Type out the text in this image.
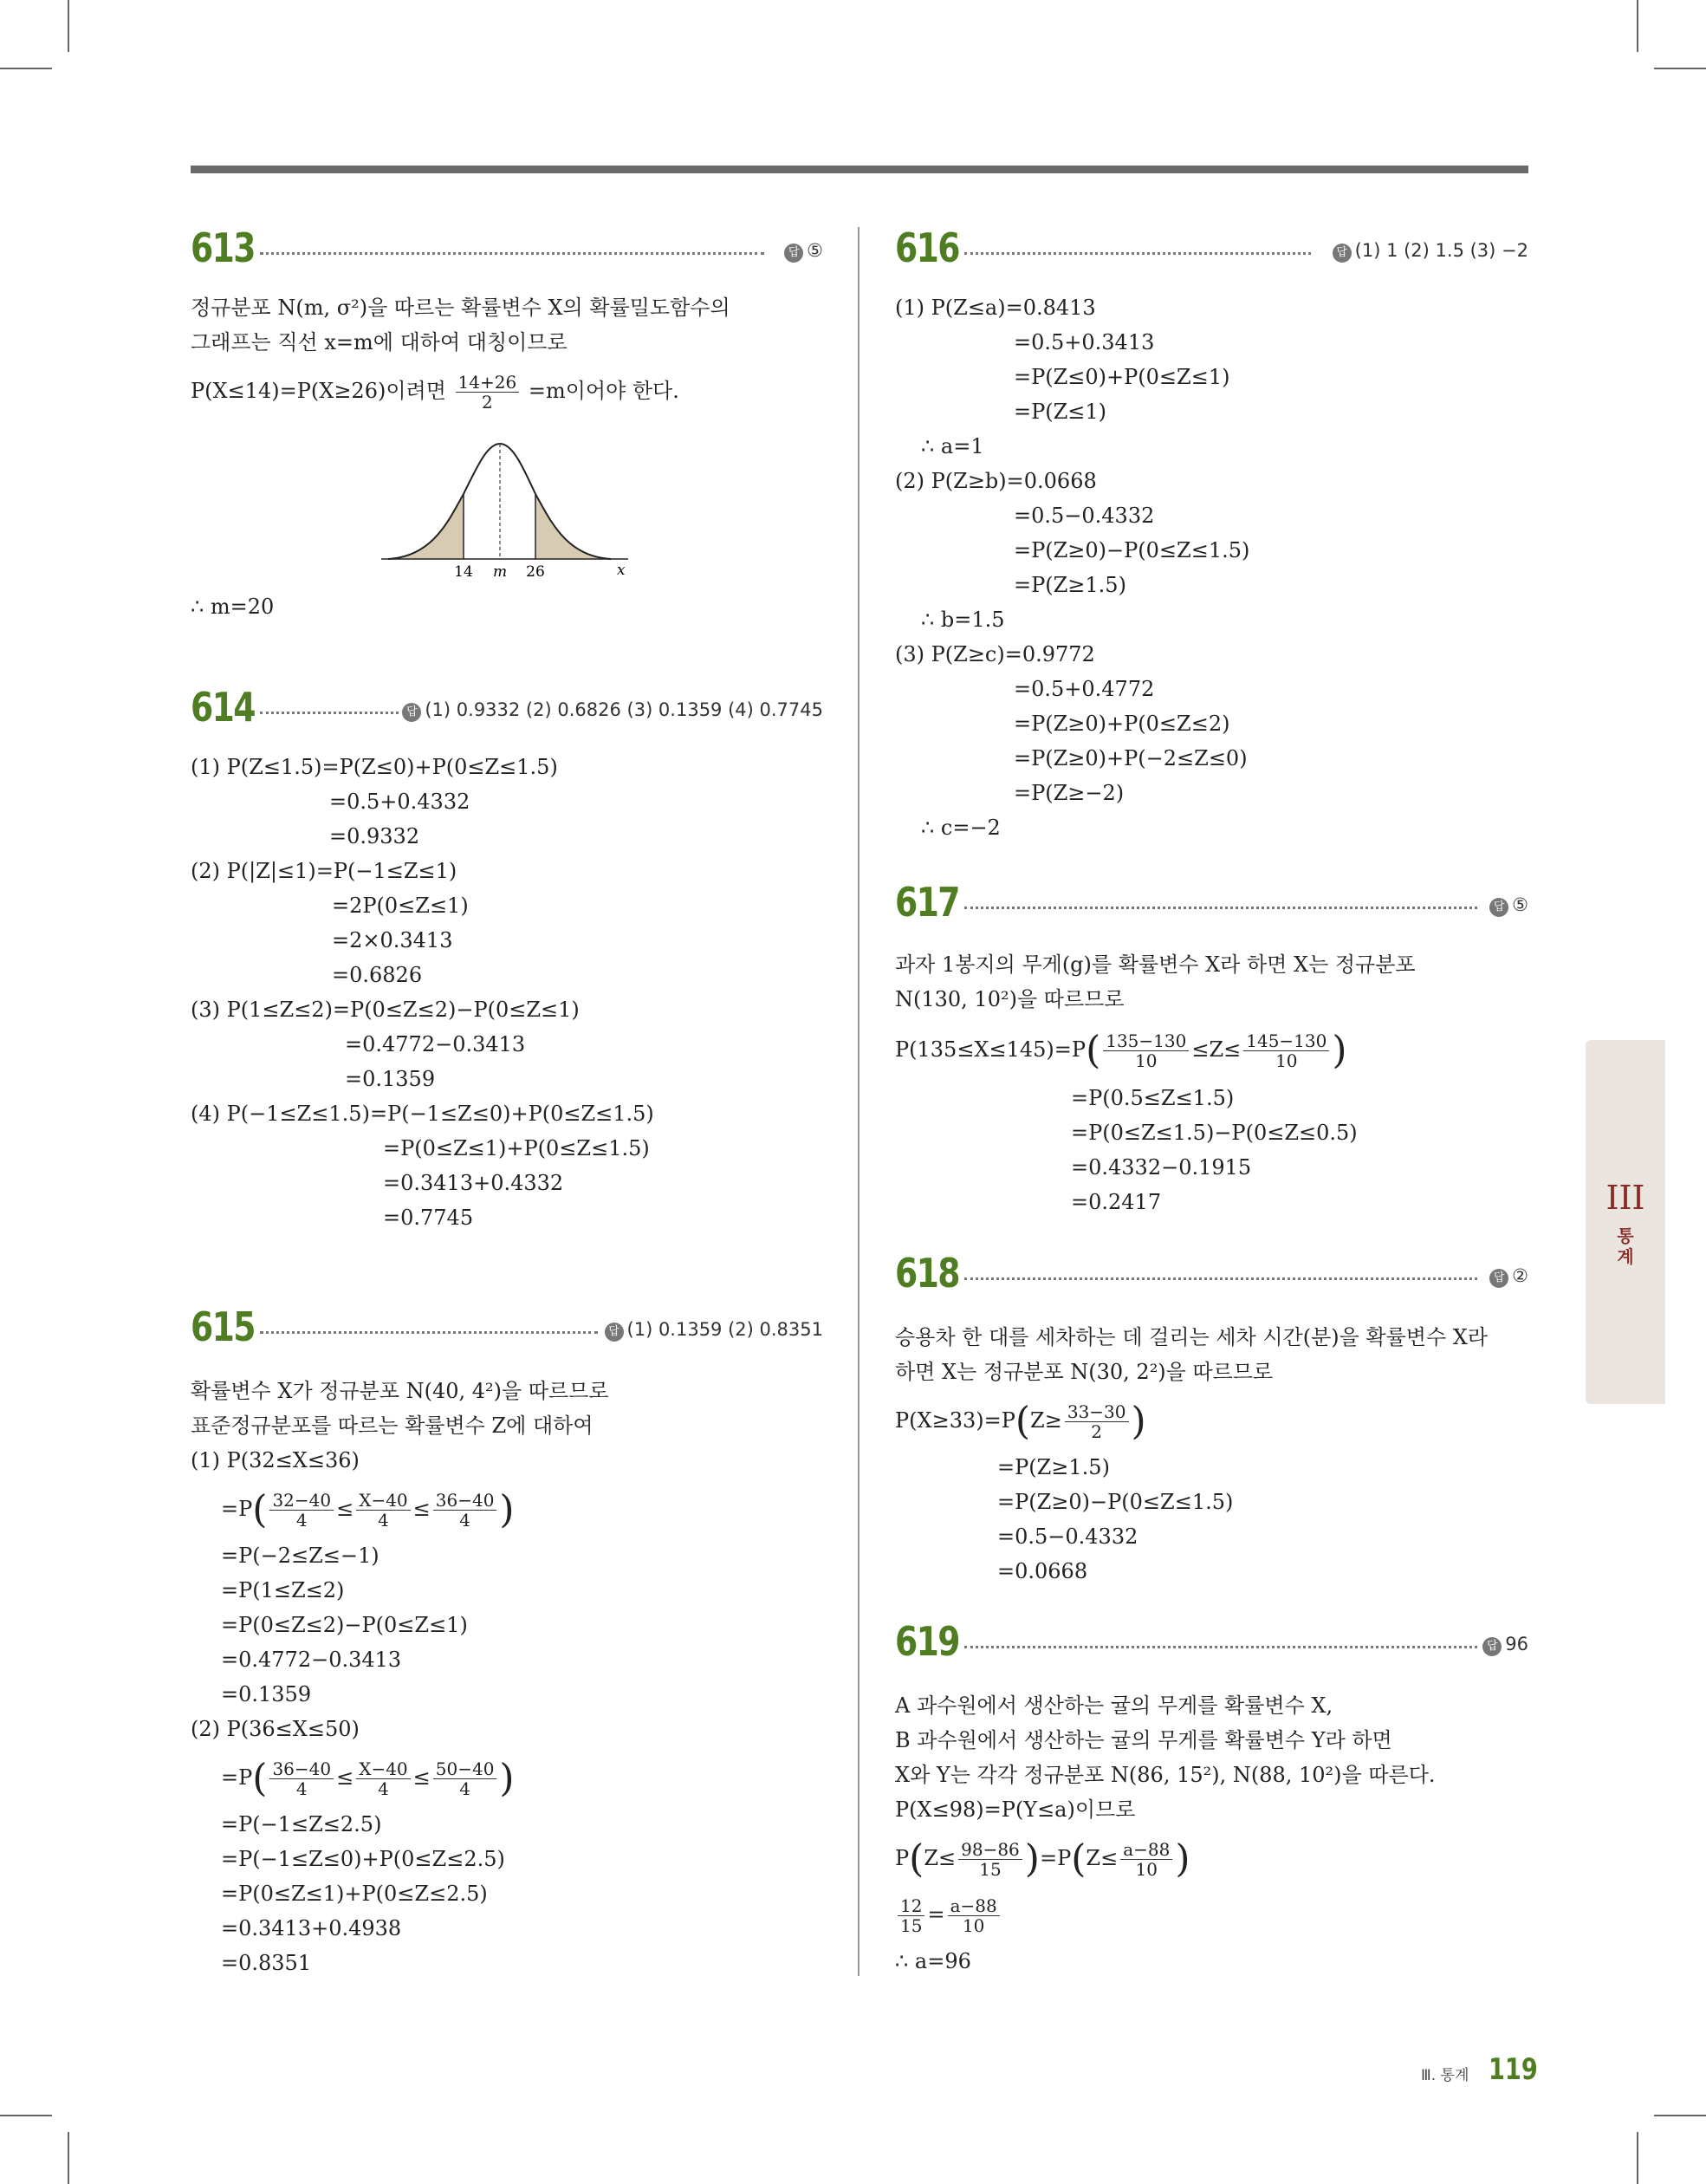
613	답 ⑤
정규분포 N(m, σ²)을 따르는 확률변수 X의 확률밀도함수의
그래프는 직선 x=m에 대하여 대칭이므로
P(X≤14)=P(X≥26)이려면 $\frac{14+26}{2} =m$이어야 한다.
14 m 26	x
∴ m=20
614	답 (1) 0.9332 (2) 0.6826 (3) 0.1359 (4) 0.7745
(1) P(Z≤1.5)=P(Z≤0)+P(0≤Z≤1.5)
=0.5+0.4332
=0.9332
(2) P(|Z|≤1)=P(−1≤Z≤1)
=2P(0≤Z≤1)
=2×0.3413
=0.6826
(3) P(1≤Z≤2)=P(0≤Z≤2)−P(0≤Z≤1)
=0.4772−0.3413
=0.1359
(4) P(−1≤Z≤1.5)=P(−1≤Z≤0)+P(0≤Z≤1.5)
=P(0≤Z≤1)+P(0≤Z≤1.5)
=0.3413+0.4332
=0.7745
615	답 (1) 0.1359 (2) 0.8351
확률변수 X가 정규분포 N(40, 4²)을 따르므로
표준정규분포를 따르는 확률변수 Z에 대하여
(1) P(32≤X≤36)
$=P( \frac{32-40}{4} \le \frac{X-40}{4} \le \frac{36-40}{4}$ )
=P(−2≤Z≤−1)
=P(1≤Z≤2)
=P(0≤Z≤2)−P(0≤Z≤1)
=0.4772−0.3413
=0.1359
(2) P(36≤X≤50)
$=P( \frac{36-40}{4} \le \frac{X-40}{4} \le \frac{50-40}{4}$ )
=P(−1≤Z≤2.5)
=P(−1≤Z≤0)+P(0≤Z≤2.5)
=P(0≤Z≤1)+P(0≤Z≤2.5)
=0.3413+0.4938
=0.8351
616	답 (1) 1 (2) 1.5 (3) −2
(1) P(Z≤a)=0.8413
=0.5+0.3413
=P(Z≤0)+P(0≤Z≤1)
=P(Z≤1)
∴ a=1
(2) P(Z≥b)=0.0668
=0.5−0.4332
=P(Z≥0)−P(0≤Z≤1.5)
=P(Z≥1.5)
∴ b=1.5
(3) P(Z≥c)=0.9772
=0.5+0.4772
=P(Z≥0)+P(0≤Z≤2)
=P(Z≥0)+P(−2≤Z≤0)
=P(Z≥−2)
∴ c=−2
617	답 ⑤
과자 1봉지의 무게(g)를 확률변수 X라 하면 X는 정규분포
N(130, 10²)을 따르므로
$P(135\le X\le 145)=P( \frac{135-130}{10} \le Z\le \frac{145-130}{10}$ )
=P(0.5≤Z≤1.5)
=P(0≤Z≤1.5)−P(0≤Z≤0.5)
=0.4332−0.1915
=0.2417
618	답 ②
승용차 한 대를 세차하는 데 걸리는 세차 시간(분)을 확률변수 X라
하면 X는 정규분포 N(30, 2²)을 따르므로
$P(X\ge 33)=P(Z\ge \frac{33-30}{2}$ )
=P(Z≥1.5)
=P(Z≥0)−P(0≤Z≤1.5)
=0.5−0.4332
=0.0668
619	답 96
A 과수원에서 생산하는 귤의 무게를 확률변수 X,
B 과수원에서 생산하는 귤의 무게를 확률변수 Y라 하면
X와 Y는 각각 정규분포 N(86, 15²), N(88, 10²)을 따른다.
P(X≤98)=P(Y≤a)이므로
$P(Z\le \frac{98-86}{15} )=P(Z\le \frac{a-88}{10}$ )
$\frac{12}{15} = \frac{a-88}{10}$
∴ a=96
III
통
계
Ⅲ. 통계 119
